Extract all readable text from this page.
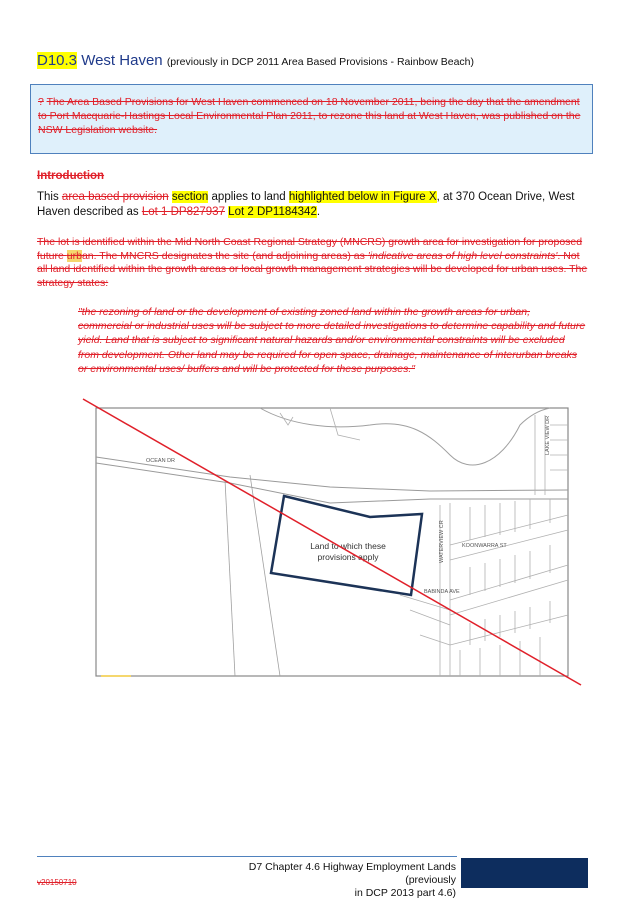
D10.3 West Haven (previously in DCP 2011 Area Based Provisions - Rainbow Beach)
? The Area Based Provisions for West Haven commenced on 18 November 2011, being the day that the amendment to Port Macquarie-Hastings Local Environmental Plan 2011, to rezone this land at West Haven, was published on the NSW Legislation website.
Introduction
This area based provision section applies to land highlighted below in Figure X, at 370 Ocean Drive, West Haven described as Lot 1 DP827937 Lot 2 DP1184342.
The lot is identified within the Mid North Coast Regional Strategy (MNCRS) growth area for investigation for proposed future urban. The MNCRS designates the site (and adjoining areas) as 'indicative areas of high level constraints'. Not all land identified within the growth areas or local growth management strategies will be developed for urban uses. The strategy states:
"the rezoning of land or the development of existing zoned land within the growth areas for urban, commercial or industrial uses will be subject to more detailed investigations to determine capability and future yield. Land that is subject to significant natural hazards and/or environmental constraints will be excluded from development. Other land may be required for open space, drainage, maintenance of interurban breaks or environmental uses/ buffers and will be protected for these purposes."
Land to which these
provisions apply
OCEAN DR
WATERVIEW CR	KOONWARRA ST
BABINDA AVE
LAKE VIEW DR
v20150710
D7 Chapter 4.6 Highway Employment Lands (previously
in DCP 2013 part 4.6)
